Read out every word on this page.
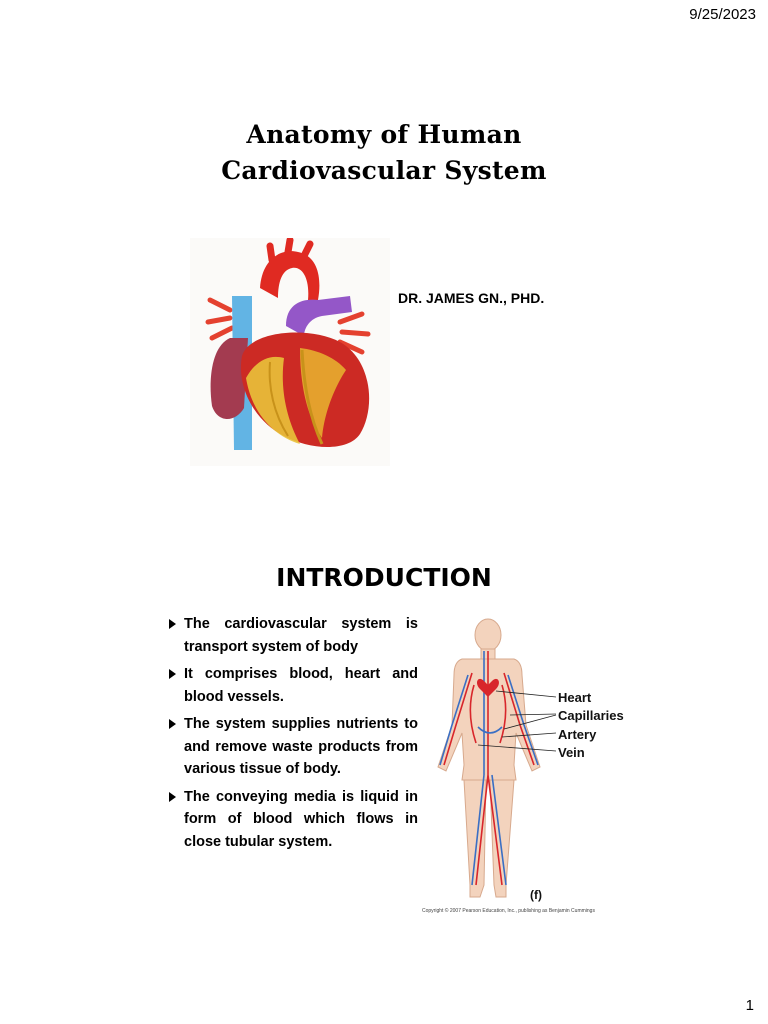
9/25/2023
Anatomy of Human
Cardiovascular System
DR. JAMES GN., PHD.
INTRODUCTION
The cardiovascular system is transport system of body
It comprises blood, heart and blood vessels.
The system supplies nutrients to and remove waste products from various tissue of body.
The conveying media is liquid in form of blood which flows in close tubular system.
Heart
Capillaries
Artery
Vein
(f)
Copyright © 2007 Pearson Education, Inc., publishing as Benjamin Cummings
1
